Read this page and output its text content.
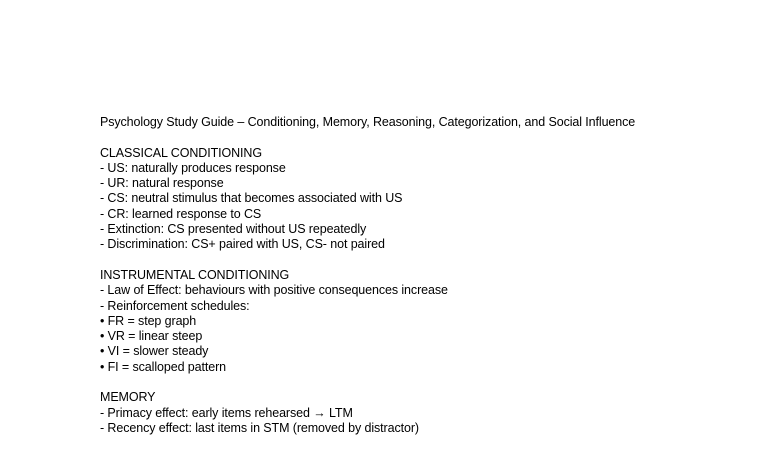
Psychology Study Guide – Conditioning, Memory, Reasoning, Categorization, and Social Influence
CLASSICAL CONDITIONING
- US: naturally produces response
- UR: natural response
- CS: neutral stimulus that becomes associated with US
- CR: learned response to CS
- Extinction: CS presented without US repeatedly
- Discrimination: CS+ paired with US, CS- not paired
INSTRUMENTAL CONDITIONING
- Law of Effect: behaviours with positive consequences increase
- Reinforcement schedules:
• FR = step graph
• VR = linear steep
• VI = slower steady
• FI = scalloped pattern
MEMORY
- Primacy effect: early items rehearsed → LTM
- Recency effect: last items in STM (removed by distractor)
